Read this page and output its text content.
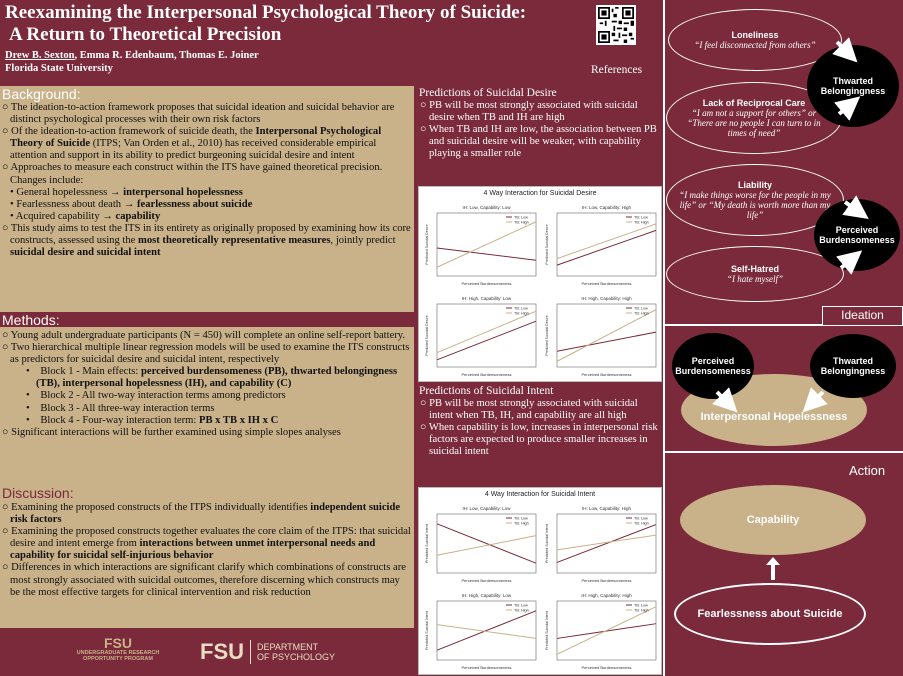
Reexamining the Interpersonal Psychological Theory of Suicide:
A Return to Theoretical Precision
Drew B. Sexton, Emma R. Edenbaum, Thomas E. Joiner
Florida State University	References
Background:

○ The ideation-to-action framework proposes that suicidal ideation and suicidal behavior are distinct psychological processes with their own risk factors

○ Of the ideation-to-action framework of suicide death, the Interpersonal Psychological Theory of Suicide (ITPS; Van Orden et al., 2010) has received considerable empirical attention and support in its ability to predict burgeoning suicidal desire and intent

○ Approaches to measure each construct within the ITS have gained theoretical precision. Changes include:

• General hopelessness → interpersonal hopelessness

• Fearlessness about death → fearlessness about suicide

• Acquired capability → capability

○ This study aims to test the ITS in its entirety as originally proposed by examining how its core constructs, assessed using the most theoretically representative measures, jointly predict suicidal desire and suicidal intent

Methods:

○ Young adult undergraduate participants (N = 450) will complete an online self-report battery.

○ Two hierarchical multiple linear regression models will be used to examine the ITS constructs as predictors for suicidal desire and suicidal intent, respectively

•    Block 1 - Main effects: perceived burdensomeness (PB), thwarted belongingness (TB), interpersonal hopelessness (IH), and capability (C)

•    Block 2 - All two-way interaction terms among predictors

•    Block 3 - All three-way interaction terms

•    Block 4 - Four-way interaction term: PB x TB x IH x C

○ Significant interactions will be further examined using simple slopes analyses

Discussion:

○ Examining the proposed constructs of the ITPS individually identifies independent suicide risk factors

○ Examining the proposed constructs together evaluates the core claim of the ITPS: that suicidal desire and intent emerge from interactions between unmet interpersonal needs and capability for suicidal self-injurious behavior

○ Differences in which interactions are significant clarify which combinations of constructs are most strongly associated with suicidal outcomes, therefore discerning which constructs may be the most effective targets for clinical intervention and risk reduction

FSU
UNDERGRADUATE RESEARCH
OPPORTUNITY PROGRAM	FSU DEPARTMENT
OF PSYCHOLOGY
Predictions of Suicidal Desire

○ PB will be most strongly associated with suicidal desire when TB and IH are high

○ When TB and IH are low, the association between PB and suicidal desire will be weaker, with capability playing a smaller role

4 Way Interaction for Suicidal Desire
IH: Low, Capability: Low
Perceived Burdensomeness
Predicted Suicidal Desire
TB: Low
TB: High
IH: Low, Capability: High
Perceived Burdensomeness
Predicted Suicidal Desire
TB: Low
TB: High
IH: High, Capability: Low
Perceived Burdensomeness
Predicted Suicidal Desire
TB: Low
TB: High
IH: High, Capability: High
Perceived Burdensomeness
Predicted Suicidal Desire
TB: Low
TB: High
Predictions of Suicidal Intent

○ PB will be most strongly associated with suicidal intent when TB, IH, and capability are all high

○ When capability is low, increases in interpersonal risk factors are expected to produce smaller increases in suicidal intent

4 Way Interaction for Suicidal Intent
IH: Low, Capability: Low
Perceived Burdensomeness
Predicted Suicidal Intent
TB: Low
TB: High
IH: Low, Capability: High
Perceived Burdensomeness
Predicted Suicidal Intent
TB: Low
TB: High
IH: High, Capability: Low
Perceived Burdensomeness
Predicted Suicidal Intent
TB: Low
TB: High
IH: High, Capability: High
Perceived Burdensomeness
Predicted Suicidal Intent
TB: Low
TB: High
Loneliness
“I feel disconnected from others”
Lack of Reciprocal Care
“I am not a support for others” or “There are no people I can turn to in times of need”
Thwarted Belongingness
Liability
“I make things worse for the people in my life” or “My death is worth more than my life”
Self-Hatred
“I hate myself”
Perceived Burdensomeness
Ideation
Interpersonal Hopelessness
Perceived Burdensomeness
Thwarted Belongingness
Action
Capability
Fearlessness about Suicide
